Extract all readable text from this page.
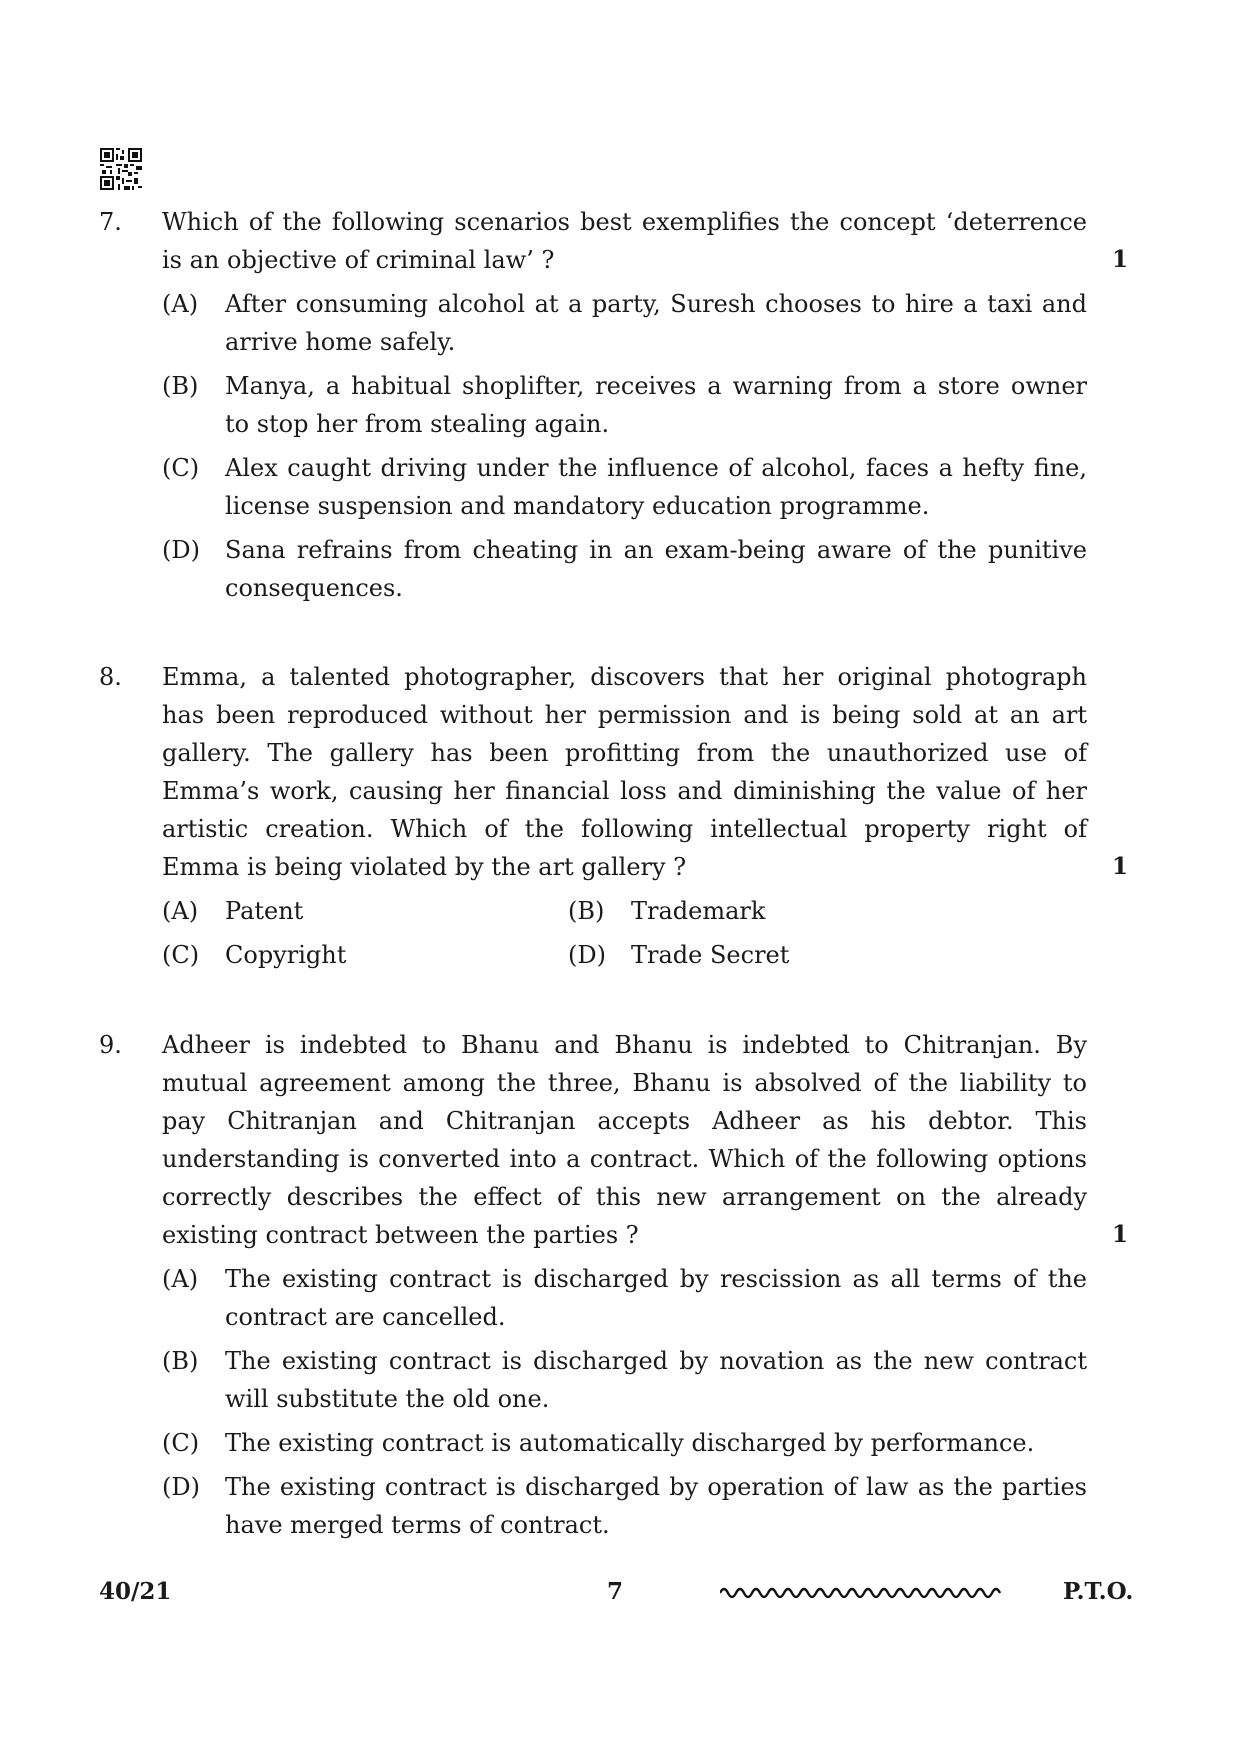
7. Which of the following scenarios best exemplifies the concept ‘deterrence
is an objective of criminal law’ ?	1
(A) After consuming alcohol at a party, Suresh chooses to hire a taxi and
arrive home safely.
(B) Manya, a habitual shoplifter, receives a warning from a store owner
to stop her from stealing again.
(C) Alex caught driving under the influence of alcohol, faces a hefty fine,
license suspension and mandatory education programme.
(D) Sana refrains from cheating in an exam-being aware of the punitive
consequences.
8. Emma, a talented photographer, discovers that her original photograph
has been reproduced without her permission and is being sold at an art
gallery. The gallery has been profitting from the unauthorized use of
Emma’s work, causing her financial loss and diminishing the value of her
artistic creation. Which of the following intellectual property right of
Emma is being violated by the art gallery ?	1
(A) Patent	(B) Trademark
(C) Copyright	(D) Trade Secret
9. Adheer is indebted to Bhanu and Bhanu is indebted to Chitranjan. By
mutual agreement among the three, Bhanu is absolved of the liability to
pay Chitranjan and Chitranjan accepts Adheer as his debtor. This
understanding is converted into a contract. Which of the following options
correctly describes the effect of this new arrangement on the already
existing contract between the parties ?	1
(A) The existing contract is discharged by rescission as all terms of the
contract are cancelled.
(B) The existing contract is discharged by novation as the new contract
will substitute the old one.
(C) The existing contract is automatically discharged by performance.
(D) The existing contract is discharged by operation of law as the parties
have merged terms of contract.
40/21	7	P.T.O.
